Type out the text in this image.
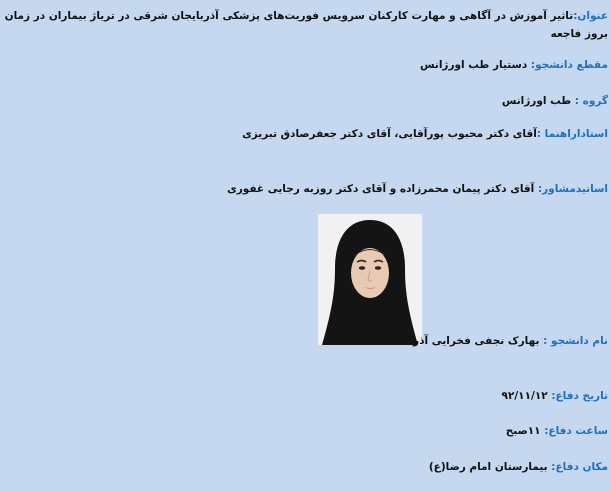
عنوان:تاثیر آموزش در آگاهی و مهارت کارکنان سرویس فوریت‌های پزشکی آذربایجان شرقی در تریاژ بیماران در زمان بروز فاجعه
مقطع دانشجو: دستیار طب اورژانس
گروه : طب اورژانس
استاداراهنما :آقای دکتر محبوب پورآقایی، آقای دکتر جعفرصادق تبریزی
اساتیدمشاور: آقای دکتر پیمان محمرزاده و آقای دکتر روزبه رجایی غفوری
نام دانشجو : بهارک نجفی فخرایی آذر
تاریخ دفاع: ۹۲/۱۱/۱۲
ساعت دفاع: ۱۱صبح
مکان دفاع: بیمارستان امام رضا(ع)
